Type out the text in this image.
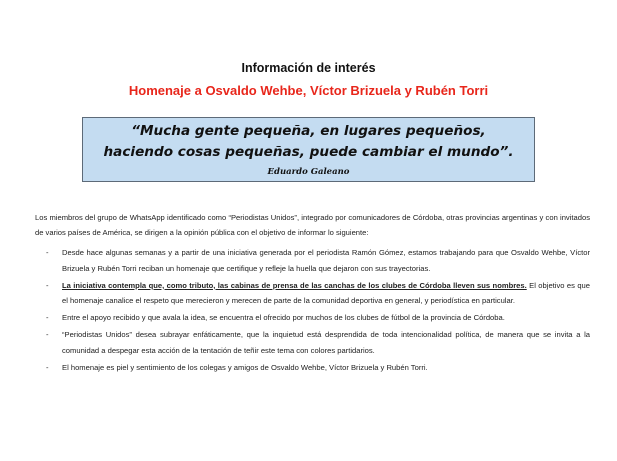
Información de interés
Homenaje a Osvaldo Wehbe, Víctor Brizuela y Rubén Torri
“Mucha gente pequeña, en lugares pequeños,
haciendo cosas pequeñas, puede cambiar el mundo”.
Eduardo Galeano
Los miembros del grupo de WhatsApp identificado como “Periodistas Unidos”, integrado por comunicadores de Córdoba, otras provincias argentinas y con invitados de varios países de América, se dirigen a la opinión pública con el objetivo de informar lo siguiente:
- Desde hace algunas semanas y a partir de una iniciativa generada por el periodista Ramón Gómez, estamos trabajando para que Osvaldo Wehbe, Víctor Brizuela y Rubén Torri reciban un homenaje que certifique y refleje la huella que dejaron con sus trayectorias.
- La iniciativa contempla que, como tributo, las cabinas de prensa de las canchas de los clubes de Córdoba lleven sus nombres. El objetivo es que el homenaje canalice el respeto que merecieron y merecen de parte de la comunidad deportiva en general, y periodística en particular.
- Entre el apoyo recibido y que avala la idea, se encuentra el ofrecido por muchos de los clubes de fútbol de la provincia de Córdoba.
- “Periodistas Unidos” desea subrayar enfáticamente, que la inquietud está desprendida de toda intencionalidad política, de manera que se invita a la comunidad a despegar esta acción de la tentación de teñir este tema con colores partidarios.
- El homenaje es piel y sentimiento de los colegas y amigos de Osvaldo Wehbe, Víctor Brizuela y Rubén Torri.
